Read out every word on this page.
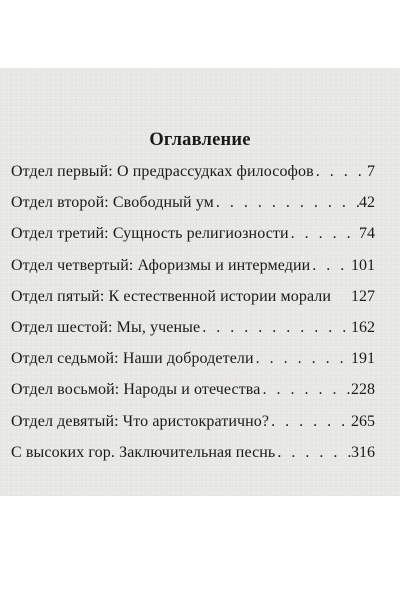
Оглавление
Отдел первый: О предрассудках философов . . .	7
Отдел второй: Свободный ум . . .	42
Отдел третий: Сущность религиозности . . .	74
Отдел четвертый: Афоризмы и интермедии . . .	101
Отдел пятый: К естественной истории морали 127
Отдел шестой: Мы, ученые . . .	162
Отдел седьмой: Наши добродетели . . .	191
Отдел восьмой: Народы и отечества . . .	228
Отдел девятый: Что аристократично? . . .	265
С высоких гор. Заключительная песнь . . .	316
